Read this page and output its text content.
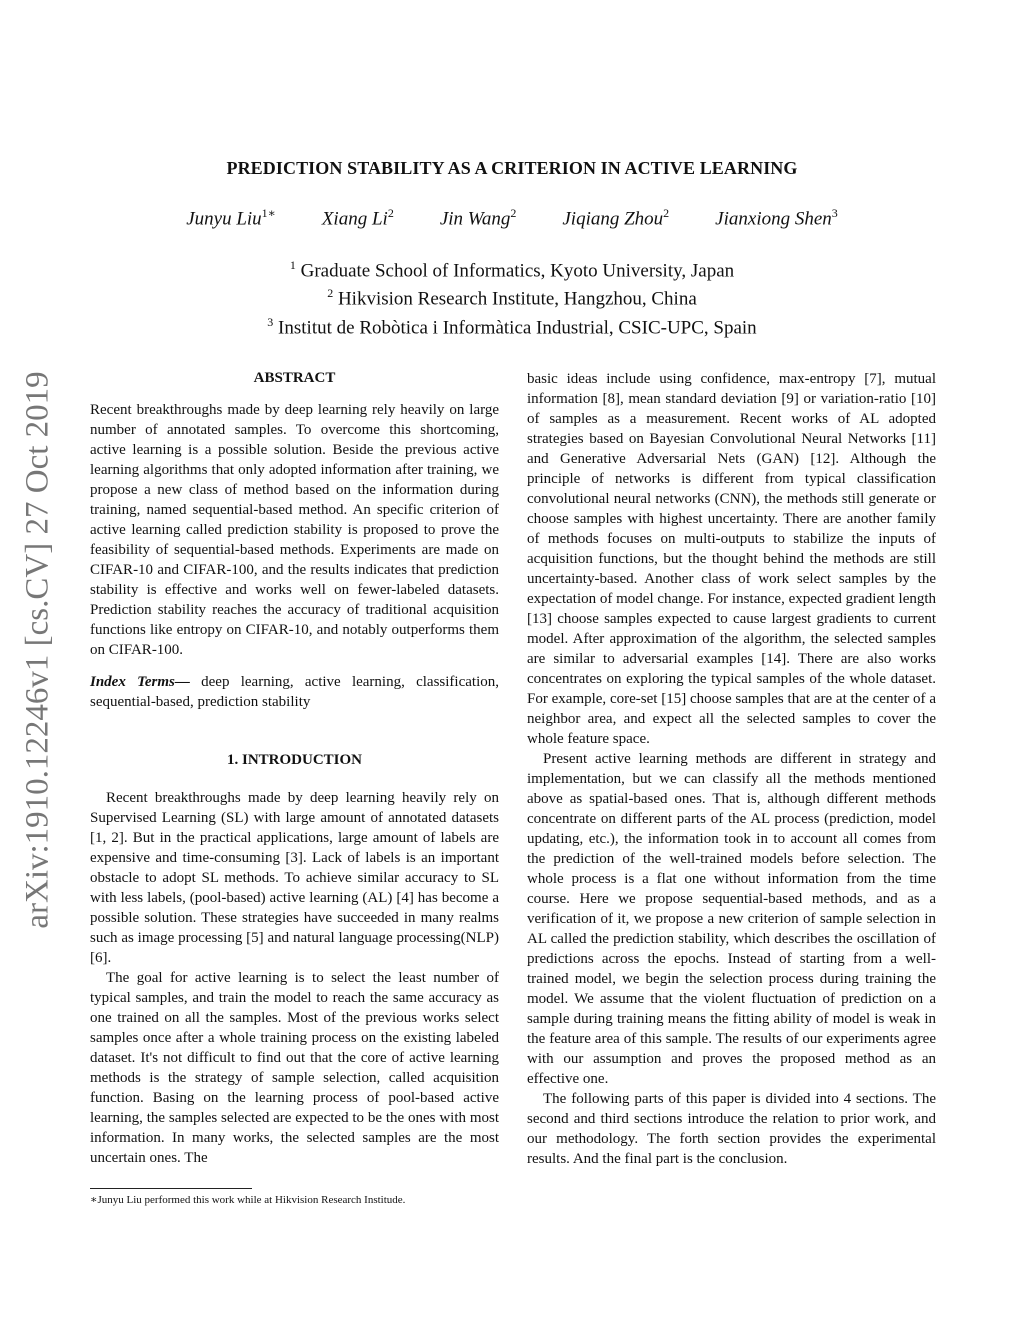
arXiv:1910.12246v1 [cs.CV] 27 Oct 2019
PREDICTION STABILITY AS A CRITERION IN ACTIVE LEARNING
Junyu Liu$^{1∗}$ Xiang Li$^2$ Jin Wang$^2$ Jiqiang Zhou$^2$ Jianxiong Shen$^3$
$^1$ Graduate School of Informatics, Kyoto University, Japan
$^2$ Hikvision Research Institute, Hangzhou, China
$^3$ Institut de Robòtica i Informàtica Industrial, CSIC-UPC, Spain
ABSTRACT

Recent breakthroughs made by deep learning rely heavily on large number of annotated samples. To overcome this shortcoming, active learning is a possible solution. Beside the previous active learning algorithms that only adopted information after training, we propose a new class of method based on the information during training, named sequential-based method. An specific criterion of active learning called prediction stability is proposed to prove the feasibility of sequential-based methods. Experiments are made on CIFAR-10 and CIFAR-100, and the results indicates that prediction stability is effective and works well on fewer-labeled datasets. Prediction stability reaches the accuracy of traditional acquisition functions like entropy on CIFAR-10, and notably outperforms them on CIFAR-100.

Index Terms— deep learning, active learning, classification, sequential-based, prediction stability

1. INTRODUCTION

Recent breakthroughs made by deep learning heavily rely on Supervised Learning (SL) with large amount of annotated datasets [1, 2]. But in the practical applications, large amount of labels are expensive and time-consuming [3]. Lack of labels is an important obstacle to adopt SL methods. To achieve similar accuracy to SL with less labels, (pool-based) active learning (AL) [4] has become a possible solution. These strategies have succeeded in many realms such as image processing [5] and natural language processing(NLP) [6].

The goal for active learning is to select the least number of typical samples, and train the model to reach the same accuracy as one trained on all the samples. Most of the previous works select samples once after a whole training process on the existing labeled dataset. It's not difficult to find out that the core of active learning methods is the strategy of sample selection, called acquisition function. Basing on the learning process of pool-based active learning, the samples selected are expected to be the ones with most information. In many works, the selected samples are the most uncertain ones. The

basic ideas include using confidence, max-entropy [7], mutual information [8], mean standard deviation [9] or variation-ratio [10] of samples as a measurement. Recent works of AL adopted strategies based on Bayesian Convolutional Neural Networks [11] and Generative Adversarial Nets (GAN) [12]. Although the principle of networks is different from typical classification convolutional neural networks (CNN), the methods still generate or choose samples with highest uncertainty. There are another family of methods focuses on multi-outputs to stabilize the inputs of acquisition functions, but the thought behind the methods are still uncertainty-based. Another class of work select samples by the expectation of model change. For instance, expected gradient length [13] choose samples expected to cause largest gradients to current model. After approximation of the algorithm, the selected samples are similar to adversarial examples [14]. There are also works concentrates on exploring the typical samples of the whole dataset. For example, core-set [15] choose samples that are at the center of a neighbor area, and expect all the selected samples to cover the whole feature space.

Present active learning methods are different in strategy and implementation, but we can classify all the methods mentioned above as spatial-based ones. That is, although different methods concentrate on different parts of the AL process (prediction, model updating, etc.), the information took in to account all comes from the prediction of the well-trained models before selection. The whole process is a flat one without information from the time course. Here we propose sequential-based methods, and as a verification of it, we propose a new criterion of sample selection in AL called the prediction stability, which describes the oscillation of predictions across the epochs. Instead of starting from a well-trained model, we begin the selection process during training the model. We assume that the violent fluctuation of prediction on a sample during training means the fitting ability of model is weak in the feature area of this sample. The results of our experiments agree with our assumption and proves the proposed method as an effective one.

The following parts of this paper is divided into 4 sections. The second and third sections introduce the relation to prior work, and our methodology. The forth section provides the experimental results. And the final part is the conclusion.

∗Junyu Liu performed this work while at Hikvision Research Institude.
